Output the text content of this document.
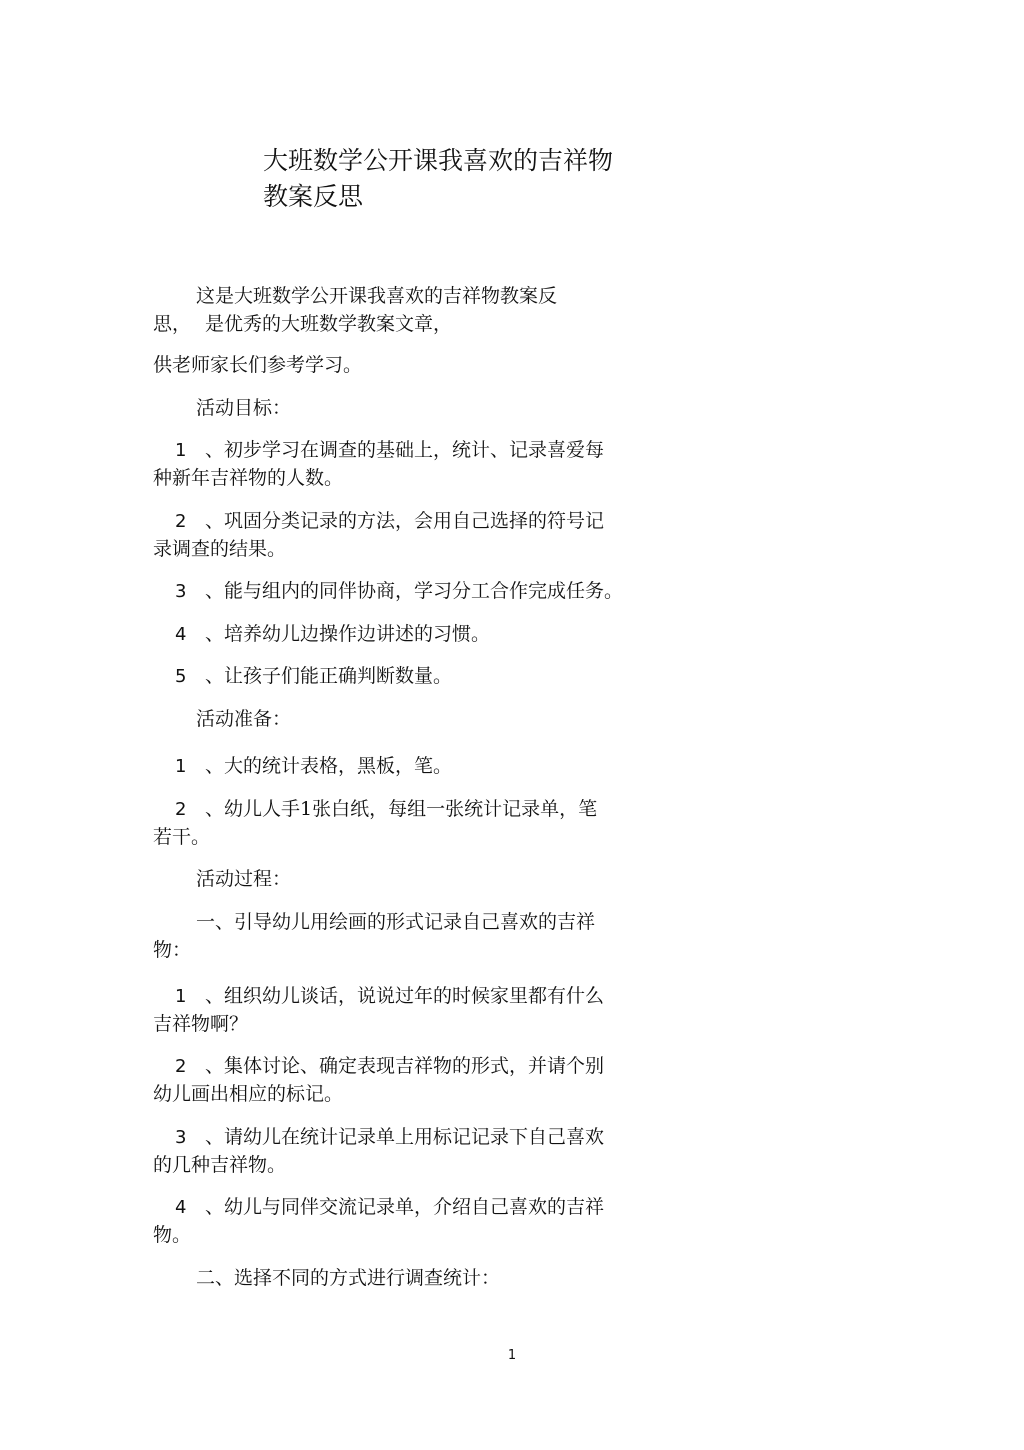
大班数学公开课我喜欢的吉祥物
教案反思

这是大班数学公开课我喜欢的吉祥物教案反

思， 是优秀的大班数学教案文章，

供老师家长们参考学习。

活动目标：

1 、初步学习在调查的基础上，统计、记录喜爱每

种新年吉祥物的人数。

2 、巩固分类记录的方法，会用自己选择的符号记

录调查的结果。

3 、能与组内的同伴协商，学习分工合作完成任务。

4 、培养幼儿边操作边讲述的习惯。

5 、让孩子们能正确判断数量。

活动准备：

1 、大的统计表格，黑板，笔。

2 、幼儿人手1张白纸，每组一张统计记录单，笔

若干。

活动过程：

一、引导幼儿用绘画的形式记录自己喜欢的吉祥

物：

1 、组织幼儿谈话，说说过年的时候家里都有什么

吉祥物啊？

2 、集体讨论、确定表现吉祥物的形式，并请个别

幼儿画出相应的标记。

3 、请幼儿在统计记录单上用标记记录下自己喜欢

的几种吉祥物。

4 、幼儿与同伴交流记录单，介绍自己喜欢的吉祥

物。

二、选择不同的方式进行调查统计：

1
